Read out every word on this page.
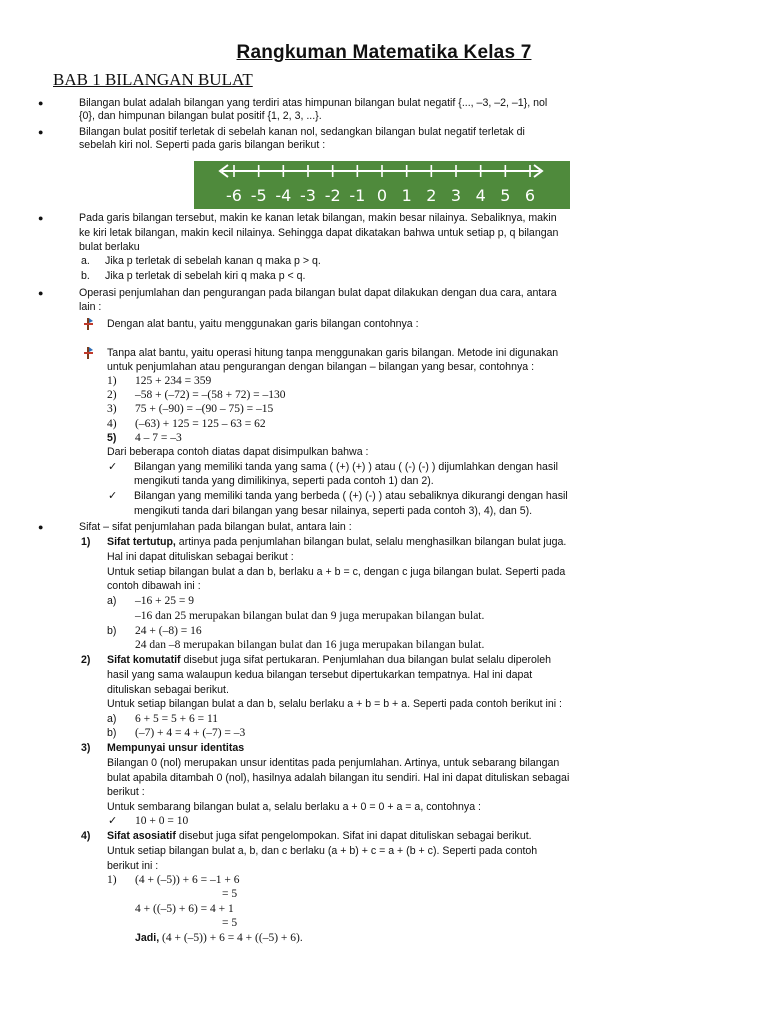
Rangkuman Matematika Kelas 7
BAB 1 BILANGAN BULAT
●	Bilangan bulat adalah bilangan yang terdiri atas himpunan bilangan bulat negatif {..., –3, –2, –1}, nol
{0}, dan himpunan bilangan bulat positif {1, 2, 3, ...}.
●	Bilangan bulat positif terletak di sebelah kanan nol, sedangkan bilangan bulat negatif terletak di
sebelah kiri nol. Seperti pada garis bilangan berikut :
-6 -5 -4 -3 -2 -1 0 1 2 3 4 5 6
●	Pada garis bilangan tersebut, makin ke kanan letak bilangan, makin besar nilainya. Sebaliknya, makin
ke kiri letak bilangan, makin kecil nilainya. Sehingga dapat dikatakan bahwa untuk setiap p, q bilangan
bulat berlaku
a. Jika p terletak di sebelah kanan q maka p > q.
b. Jika p terletak di sebelah kiri q maka p < q.
●	Operasi penjumlahan dan pengurangan pada bilangan bulat dapat dilakukan dengan dua cara, antara
lain :
Dengan alat bantu, yaitu menggunakan garis bilangan contohnya :
Tanpa alat bantu, yaitu operasi hitung tanpa menggunakan garis bilangan. Metode ini digunakan
untuk penjumlahan atau pengurangan dengan bilangan – bilangan yang besar, contohnya :
1) 125 + 234 = 359
2) –58 + (–72) = –(58 + 72) = –130
3) 75 + (–90) = –(90 – 75) = –15
4) (–63) + 125 = 125 – 63 = 62
5) 4 – 7 = –3
Dari beberapa contoh diatas dapat disimpulkan bahwa :
✓ Bilangan yang memiliki tanda yang sama ( (+) (+) ) atau ( (-) (-) ) dijumlahkan dengan hasil
mengikuti tanda yang dimilikinya, seperti pada contoh 1) dan 2).
✓ Bilangan yang memiliki tanda yang berbeda ( (+) (-) ) atau sebaliknya dikurangi dengan hasil
mengikuti tanda dari bilangan yang besar nilainya, seperti pada contoh 3), 4), dan 5).
●	Sifat – sifat penjumlahan pada bilangan bulat, antara lain :
1) Sifat tertutup, artinya pada penjumlahan bilangan bulat, selalu menghasilkan bilangan bulat juga.
Hal ini dapat dituliskan sebagai berikut :
Untuk setiap bilangan bulat a dan b, berlaku a + b = c, dengan c juga bilangan bulat. Seperti pada
contoh dibawah ini :
a) –16 + 25 = 9
–16 dan 25 merupakan bilangan bulat dan 9 juga merupakan bilangan bulat.
b) 24 + (–8) = 16
24 dan –8 merupakan bilangan bulat dan 16 juga merupakan bilangan bulat.
2) Sifat komutatif disebut juga sifat pertukaran. Penjumlahan dua bilangan bulat selalu diperoleh
hasil yang sama walaupun kedua bilangan tersebut dipertukarkan tempatnya. Hal ini dapat
dituliskan sebagai berikut.
Untuk setiap bilangan bulat a dan b, selalu berlaku a + b = b + a. Seperti pada contoh berikut ini :
a) 6 + 5 = 5 + 6 = 11
b) (–7) + 4 = 4 + (–7) = –3
3) Mempunyai unsur identitas
Bilangan 0 (nol) merupakan unsur identitas pada penjumlahan. Artinya, untuk sebarang bilangan
bulat apabila ditambah 0 (nol), hasilnya adalah bilangan itu sendiri. Hal ini dapat dituliskan sebagai
berikut :
Untuk sembarang bilangan bulat a, selalu berlaku a + 0 = 0 + a = a, contohnya :
✓ 10 + 0 = 10
4) Sifat asosiatif disebut juga sifat pengelompokan. Sifat ini dapat dituliskan sebagai berikut.
Untuk setiap bilangan bulat a, b, dan c berlaku (a + b) + c = a + (b + c). Seperti pada contoh
berikut ini :
1) (4 + (–5)) + 6 = –1 + 6
= 5
4 + ((–5) + 6) = 4 + 1
= 5
Jadi, (4 + (–5)) + 6 = 4 + ((–5) + 6).
